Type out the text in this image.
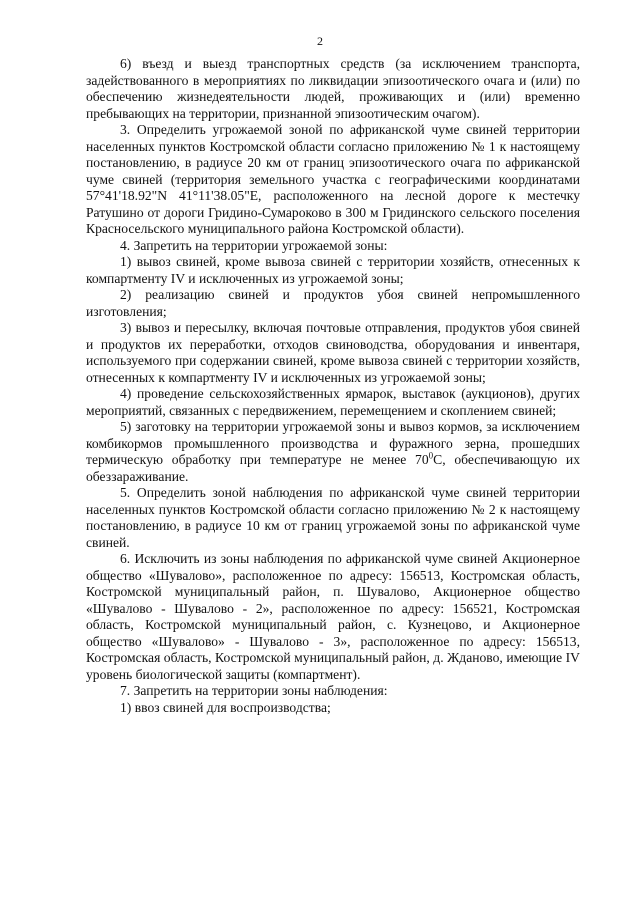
2

6) въезд и выезд транспортных средств (за исключением транспорта, задействованного в мероприятиях по ликвидации эпизоотического очага и (или) по обеспечению жизнедеятельности людей, проживающих и (или) временно пребывающих на территории, признанной эпизоотическим очагом).

3. Определить угрожаемой зоной по африканской чуме свиней территории населенных пунктов Костромской области согласно приложению № 1 к настоящему постановлению, в радиусе 20 км от границ эпизоотического очага по африканской чуме свиней (территория земельного участка с географическими координатами 57°41'18.92"N 41°11'38.05"E, расположенного на лесной дороге к местечку Ратушино от дороги Гридино-Сумароково в 300 м Гридинского сельского поселения Красносельского муниципального района Костромской области).

4. Запретить на территории угрожаемой зоны:

1) вывоз свиней, кроме вывоза свиней с территории хозяйств, отнесенных к компартменту IV и исключенных из угрожаемой зоны;

2) реализацию свиней и продуктов убоя свиней непромышленного изготовления;

3) вывоз и пересылку, включая почтовые отправления, продуктов убоя свиней и продуктов их переработки, отходов свиноводства, оборудования и инвентаря, используемого при содержании свиней, кроме вывоза свиней с территории хозяйств, отнесенных к компартменту IV и исключенных из угрожаемой зоны;

4) проведение сельскохозяйственных ярмарок, выставок (аукционов), других мероприятий, связанных с передвижением, перемещением и скоплением свиней;

5) заготовку на территории угрожаемой зоны и вывоз кормов, за исключением комбикормов промышленного производства и фуражного зерна, прошедших термическую обработку при температуре не менее $70^0С$, обеспечивающую их обеззараживание.

5. Определить зоной наблюдения по африканской чуме свиней территории населенных пунктов Костромской области согласно приложению № 2 к настоящему постановлению, в радиусе 10 км от границ угрожаемой зоны по африканской чуме свиней.

6. Исключить из зоны наблюдения по африканской чуме свиней Акционерное общество «Шувалово», расположенное по адресу: 156513, Костромская область, Костромской муниципальный район, п. Шувалово, Акционерное общество «Шувалово - Шувалово - 2», расположенное по адресу: 156521, Костромская область, Костромской муниципальный район, с. Кузнецово, и Акционерное общество «Шувалово» - Шувалово - 3», расположенное по адресу: 156513, Костромская область, Костромской муниципальный район, д. Жданово, имеющие IV уровень биологической защиты (компартмент).

7. Запретить на территории зоны наблюдения:

1) ввоз свиней для воспроизводства;
